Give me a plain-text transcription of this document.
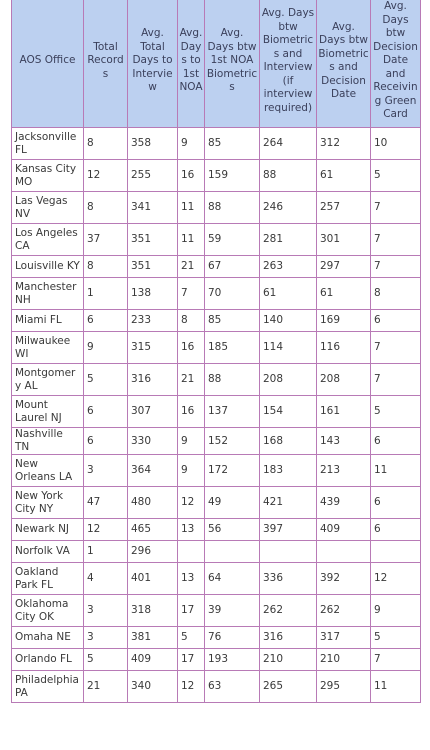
AOS Office	Total Records	Avg. Total Days to Interview	Avg. Days to 1st NOA	Avg. Days btw 1st NOA Biometrics	Avg. Days btw Biometrics and Interview (if interview required)	Avg. Days btw Biometrics and Decision Date	Avg. Days btw Decision Date and Receiving Green Card
Jacksonville FL	8	358	9	85	264	312	10
Kansas City MO	12	255	16	159	88	61	5
Las Vegas NV	8	341	11	88	246	257	7
Los Angeles CA	37	351	11	59	281	301	7
Louisville KY	8	351	21	67	263	297	7
Manchester NH	1	138	7	70	61	61	8
Miami FL	6	233	8	85	140	169	6
Milwaukee WI	9	315	16	185	114	116	7
Montgomery AL	5	316	21	88	208	208	7
Mount Laurel NJ	6	307	16	137	154	161	5
Nashville TN	6	330	9	152	168	143	6
New Orleans LA	3	364	9	172	183	213	11
New York City NY	47	480	12	49	421	439	6
Newark NJ	12	465	13	56	397	409	6
Norfolk VA	1	296					
Oakland Park FL	4	401	13	64	336	392	12
Oklahoma City OK	3	318	17	39	262	262	9
Omaha NE	3	381	5	76	316	317	5
Orlando FL	5	409	17	193	210	210	7
Philadelphia PA	21	340	12	63	265	295	11
